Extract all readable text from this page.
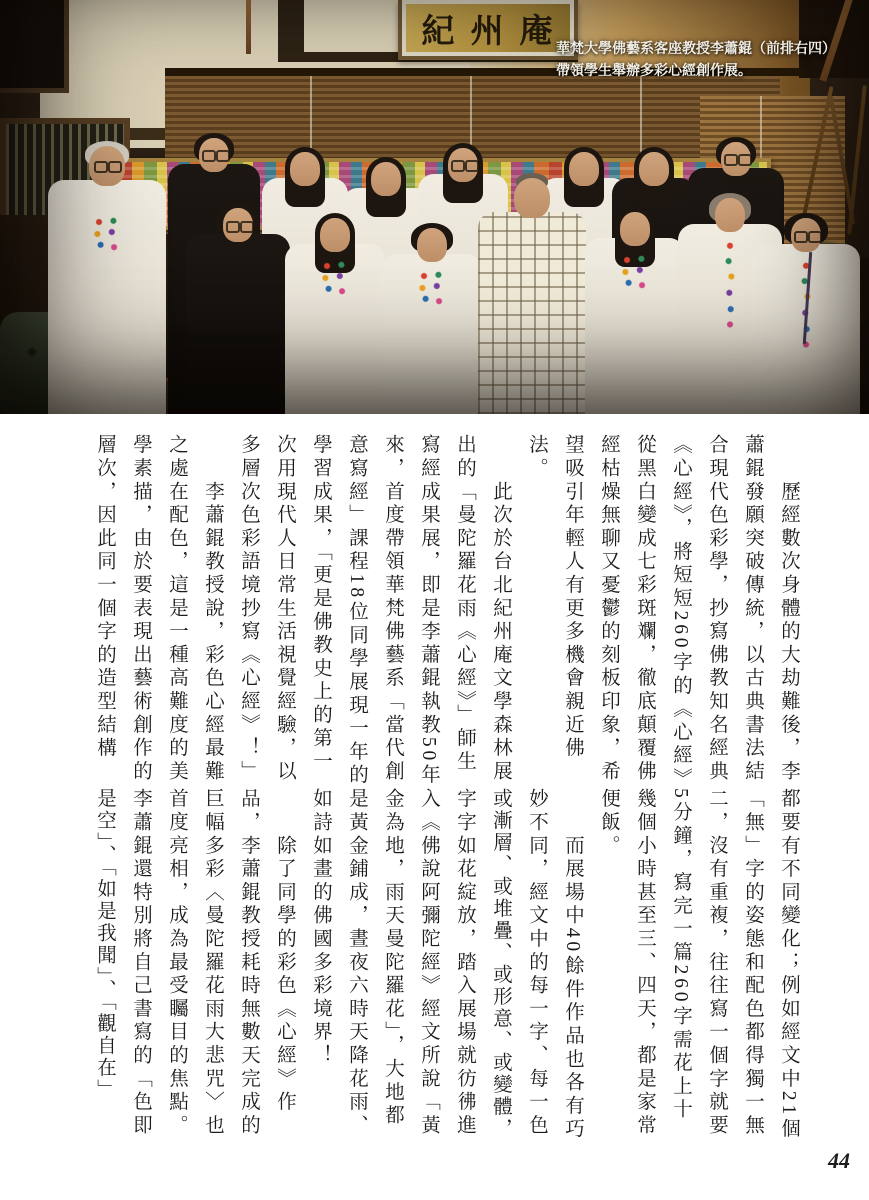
紀州庵
華梵大學佛藝系客座教授李蕭錕（前排右四）
帶領學生舉辦多彩心經創作展。
　　歷經數次身體的大劫難後，李
蕭錕發願突破傳統，以古典書法結
合現代色彩學，抄寫佛教知名經典
《心經》，將短短260字的《心經》
從黑白變成七彩斑斕，徹底顛覆佛
經枯燥無聊又憂鬱的刻板印象，希
望吸引年輕人有更多機會親近佛
法。
　　此次於台北紀州庵文學森林展
出的「曼陀羅花雨《心經》」師生
寫經成果展，即是李蕭錕執教50年
來，首度帶領華梵佛藝系「當代創
意寫經」課程18位同學展現一年的
學習成果，「更是佛教史上的第一
次用現代人日常生活視覺經驗，以
多層次色彩語境抄寫《心經》！」
　　李蕭錕教授說，彩色心經最難
之處在配色，這是一種高難度的美
學素描，由於要表現出藝術創作的
層次，因此同一個字的造型結構
都要有不同變化；例如經文中21個
「無」字的姿態和配色都得獨一無
二，沒有重複，往往寫一個字就要
5分鐘，寫完一篇260字需花上十
幾個小時甚至三、四天，都是家常
便飯。
　　而展場中40餘件作品也各有巧
妙不同，經文中的每一字、每一色
或漸層、或堆疊、或形意、或變體，
字字如花綻放，踏入展場就彷彿進
入《佛說阿彌陀經》經文所說「黃
金為地，雨天曼陀羅花」，大地都
是黃金鋪成，晝夜六時天降花雨、
如詩如畫的佛國多彩境界！
　　除了同學的彩色《心經》作
品，李蕭錕教授耗時無數天完成的
巨幅多彩〈曼陀羅花雨大悲咒〉也
首度亮相，成為最受矚目的焦點。
李蕭錕還特別將自己書寫的「色即
是空」、「如是我聞」、「觀自在」
44
